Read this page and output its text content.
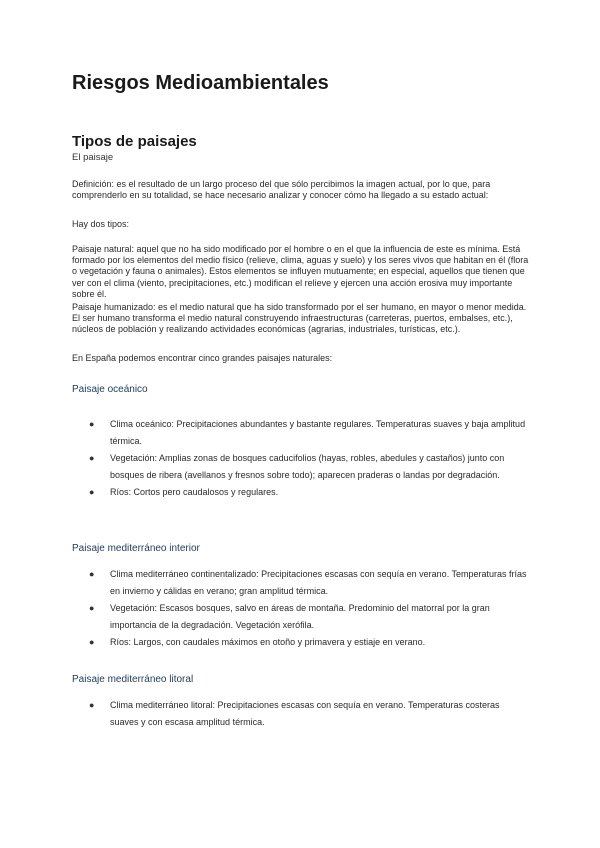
Riesgos Medioambientales
Tipos de paisajes
El paisaje

Definición: es el resultado de un largo proceso del que sólo percibimos la imagen actual, por lo que, para comprenderlo en su totalidad, se hace necesario analizar y conocer cómo ha llegado a su estado actual:

Hay dos tipos:

Paisaje natural: aquel que no ha sido modificado por el hombre o en el que la influencia de este es mínima. Está formado por los elementos del medio físico (relieve, clima, aguas y suelo) y los seres vivos que habitan en él (flora o vegetación y fauna o animales). Estos elementos se influyen mutuamente; en especial, aquellos que tienen que ver con el clima (viento, precipitaciones, etc.) modifican el relieve y ejercen una acción erosiva muy importante sobre él.

Paisaje humanizado: es el medio natural que ha sido transformado por el ser humano, en mayor o menor medida. El ser humano transforma el medio natural construyendo infraestructuras (carreteras, puertos, embalses, etc.), núcleos de población y realizando actividades económicas (agrarias, industriales, turísticas, etc.).

En España podemos encontrar cinco grandes paisajes naturales:

Paisaje oceánico
● Clima oceánico: Precipitaciones abundantes y bastante regulares. Temperaturas suaves y baja amplitud térmica.
● Vegetación: Amplias zonas de bosques caducifolios (hayas, robles, abedules y castaños) junto con bosques de ribera (avellanos y fresnos sobre todo); aparecen praderas o landas por degradación.
● Ríos: Cortos pero caudalosos y regulares.
Paisaje mediterráneo interior
● Clima mediterráneo continentalizado: Precipitaciones escasas con sequía en verano. Temperaturas frías en invierno y cálidas en verano; gran amplitud térmica.
● Vegetación: Escasos bosques, salvo en áreas de montaña. Predominio del matorral por la gran importancia de la degradación. Vegetación xerófila.
● Ríos: Largos, con caudales máximos en otoño y primavera y estiaje en verano.
Paisaje mediterráneo litoral
● Clima mediterráneo litoral: Precipitaciones escasas con sequía en verano. Temperaturas costeras suaves y con escasa amplitud térmica.
